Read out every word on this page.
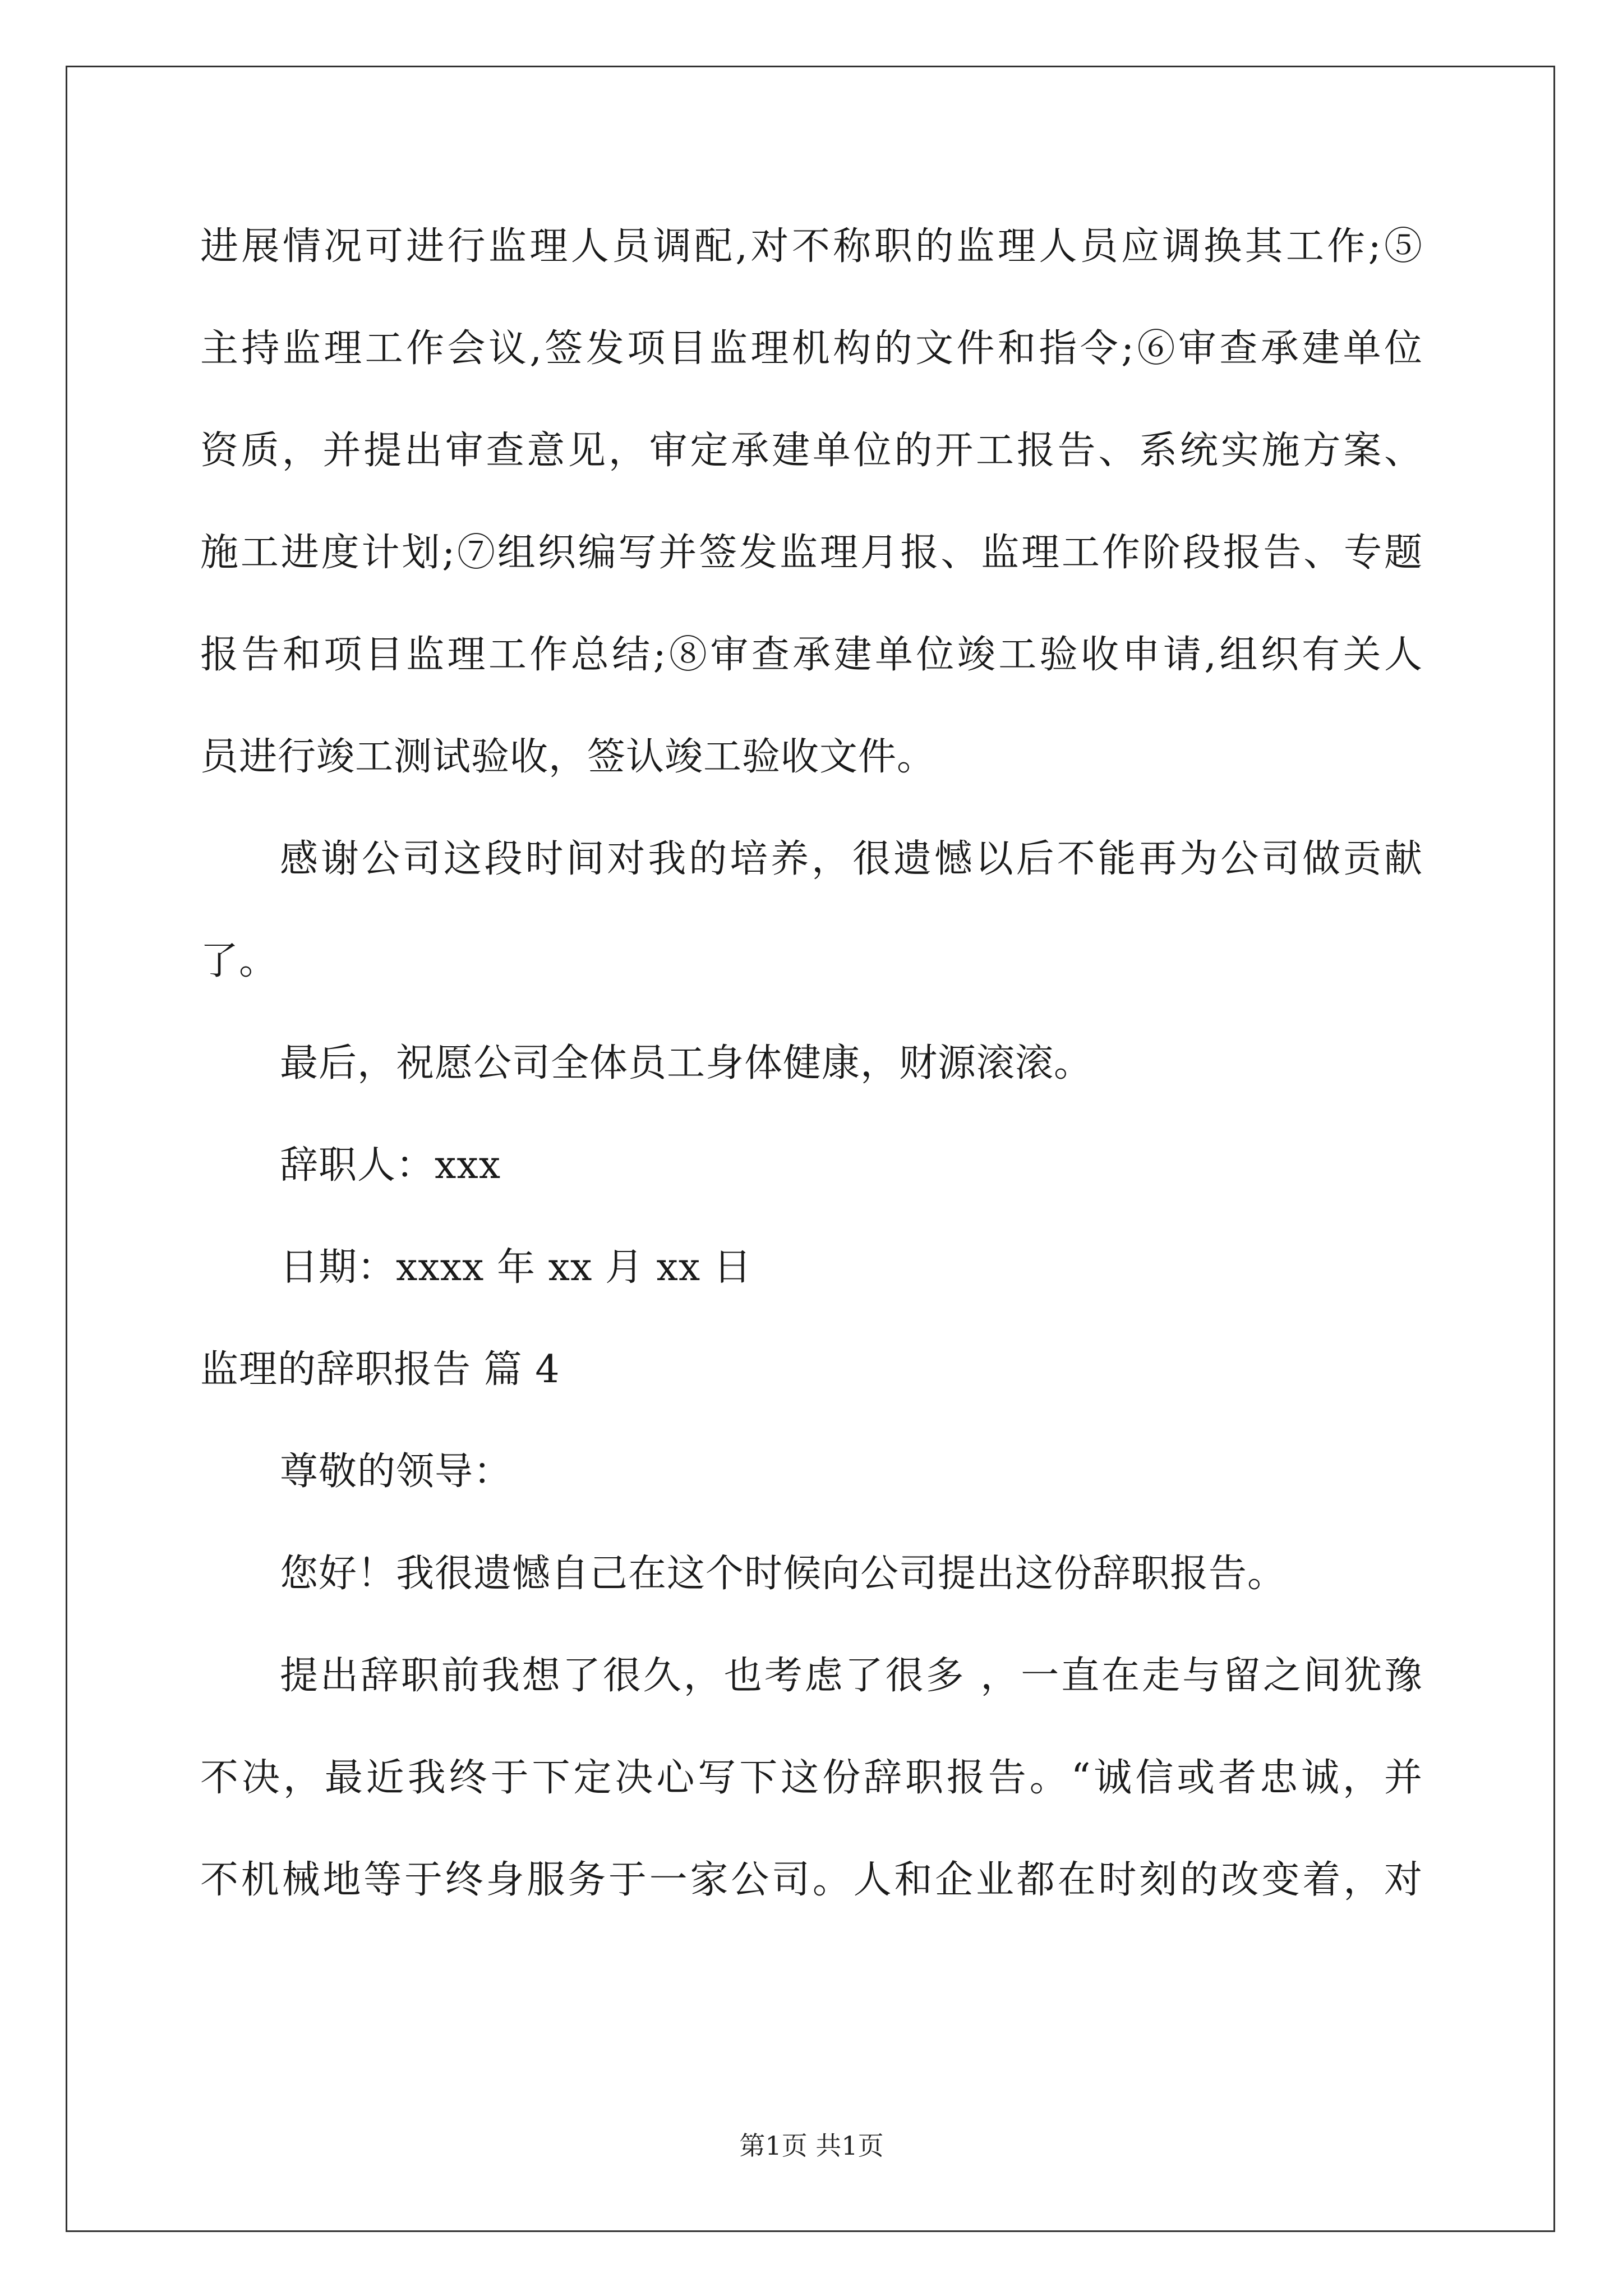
进展情况可进行监理人员调配,对不称职的监理人员应调换其工作;⑤
主持监理工作会议,签发项目监理机构的文件和指令;⑥审查承建单位
资质，并提出审查意见，审定承建单位的开工报告、系统实施方案、
施工进度计划;⑦组织编写并签发监理月报、监理工作阶段报告、专题
报告和项目监理工作总结;⑧审查承建单位竣工验收申请,组织有关人
员进行竣工测试验收，签认竣工验收文件。
感谢公司这段时间对我的培养，很遗憾以后不能再为公司做贡献
了。
最后，祝愿公司全体员工身体健康，财源滚滚。
辞职人：xxx
日期：xxxx 年 xx 月 xx 日
监理的辞职报告 篇 4
尊敬的领导：
您好！我很遗憾自己在这个时候向公司提出这份辞职报告。
提出辞职前我想了很久，也考虑了很多 ，一直在走与留之间犹豫
不决，最近我终于下定决心写下这份辞职报告。“诚信或者忠诚，并
不机械地等于终身服务于一家公司。人和企业都在时刻的改变着，对
第1页 共1页
